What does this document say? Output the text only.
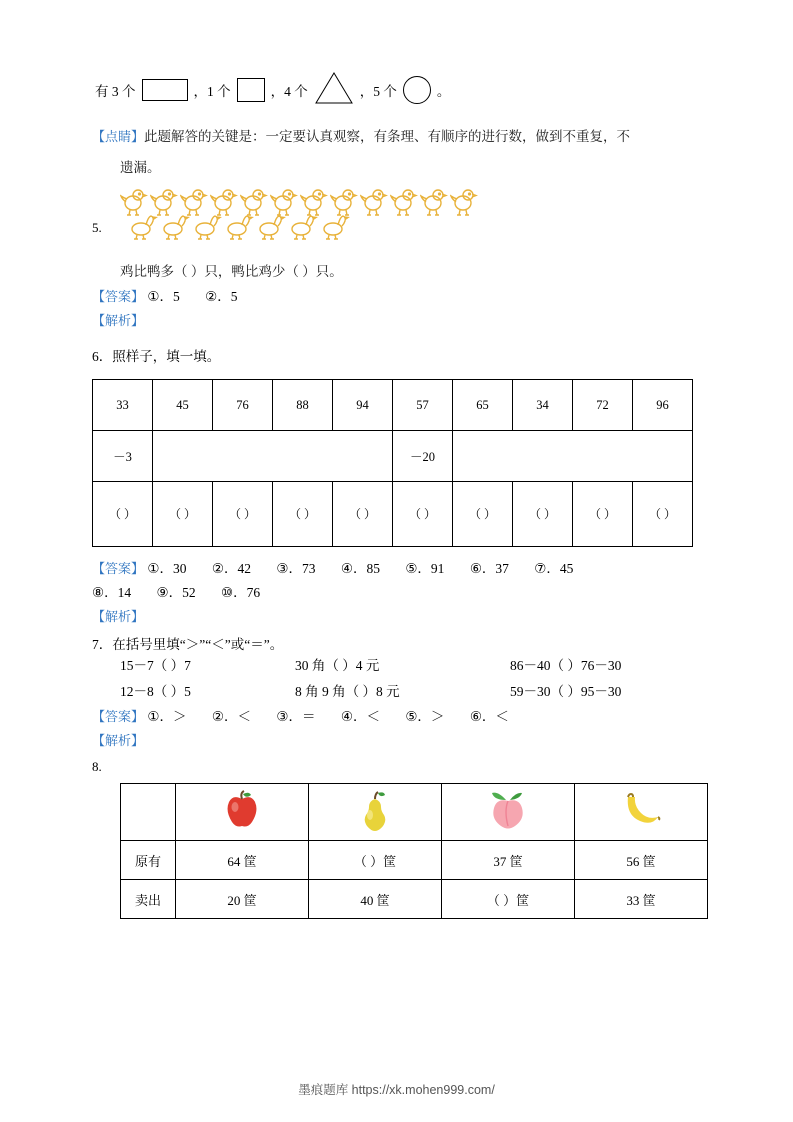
有 3 个	，1 个	，4 个	，5 个	。
【点睛】此题解答的关键是：一定要认真观察，有条理、有顺序的进行数，做到不重复，不
遗漏。
5.
鸡比鸭多（ ）只，鸭比鸡少（ ）只。
【答案】 ①．5 ②．5
【解析】
6．照样子，填一填。
33	45	76	88	94	57	65	34	72	96
－3					－20				
（ ）	（ ）	（ ）	（ ）	（ ）	（ ）	（ ）	（ ）	（ ）	（ ）
【答案】 ①．30 ②．42 ③．73 ④．85 ⑤．91 ⑥．37 ⑦．45
⑧．14 ⑨．52 ⑩．76
【解析】
7．在括号里填“＞”“＜”或“＝”。
15－7（ ）7	30 角（ ）4 元	86－40（ ）76－30
12－8（ ）5	8 角 9 角（ ）8 元	59－30（ ）95－30
【答案】 ①．＞ ②．＜ ③．＝ ④．＜ ⑤．＞ ⑥．＜
【解析】
8.

原有	64 筐	（ ）筐	37 筐	56 筐
卖出	20 筐	40 筐	（ ）筐	33 筐
墨痕题库 https://xk.mohen999.com/
